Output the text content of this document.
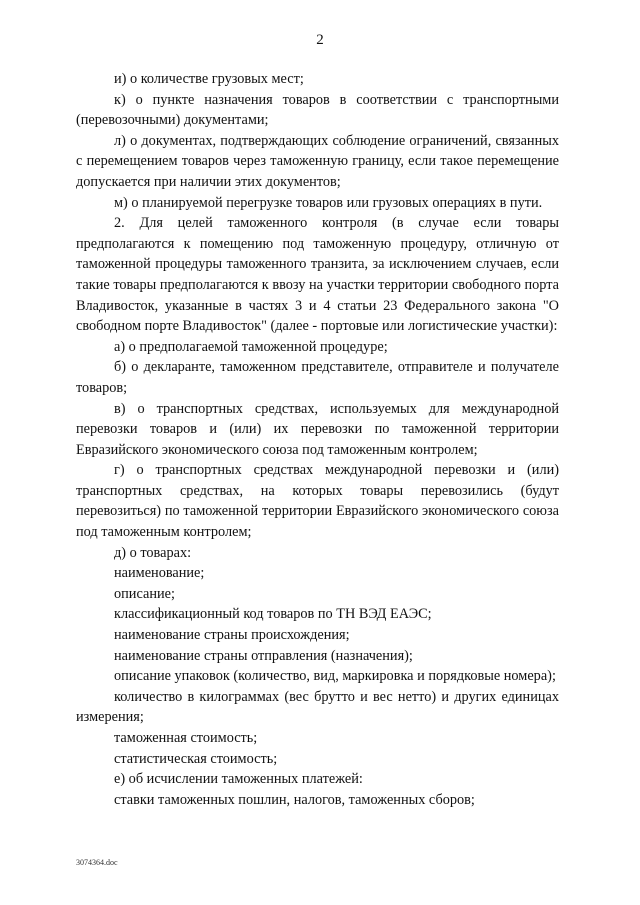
2

и) о количестве грузовых мест;

к) о пункте назначения товаров в соответствии с транспортными (перевозочными) документами;

л) о документах, подтверждающих соблюдение ограничений, связанных с перемещением товаров через таможенную границу, если такое перемещение допускается при наличии этих документов;

м) о планируемой перегрузке товаров или грузовых операциях в пути.

2. Для целей таможенного контроля (в случае если товары предполагаются к помещению под таможенную процедуру, отличную от таможенной процедуры таможенного транзита, за исключением случаев, если такие товары предполагаются к ввозу на участки территории свободного порта Владивосток, указанные в частях 3 и 4 статьи 23 Федерального закона "О свободном порте Владивосток" (далее - портовые или логистические участки):

а) о предполагаемой таможенной процедуре;

б) о декларанте, таможенном представителе, отправителе и получателе товаров;

в) о транспортных средствах, используемых для международной перевозки товаров и (или) их перевозки по таможенной территории Евразийского экономического союза под таможенным контролем;

г) о транспортных средствах международной перевозки и (или) транспортных средствах, на которых товары перевозились (будут перевозиться) по таможенной территории Евразийского экономического союза под таможенным контролем;

д) о товарах:

наименование;

описание;

классификационный код товаров по ТН ВЭД ЕАЭС;

наименование страны происхождения;

наименование страны отправления (назначения);

описание упаковок (количество, вид, маркировка и порядковые номера);

количество в килограммах (вес брутто и вес нетто) и других единицах измерения;

таможенная стоимость;

статистическая стоимость;

е) об исчислении таможенных платежей:

ставки таможенных пошлин, налогов, таможенных сборов;

3074364.doc
